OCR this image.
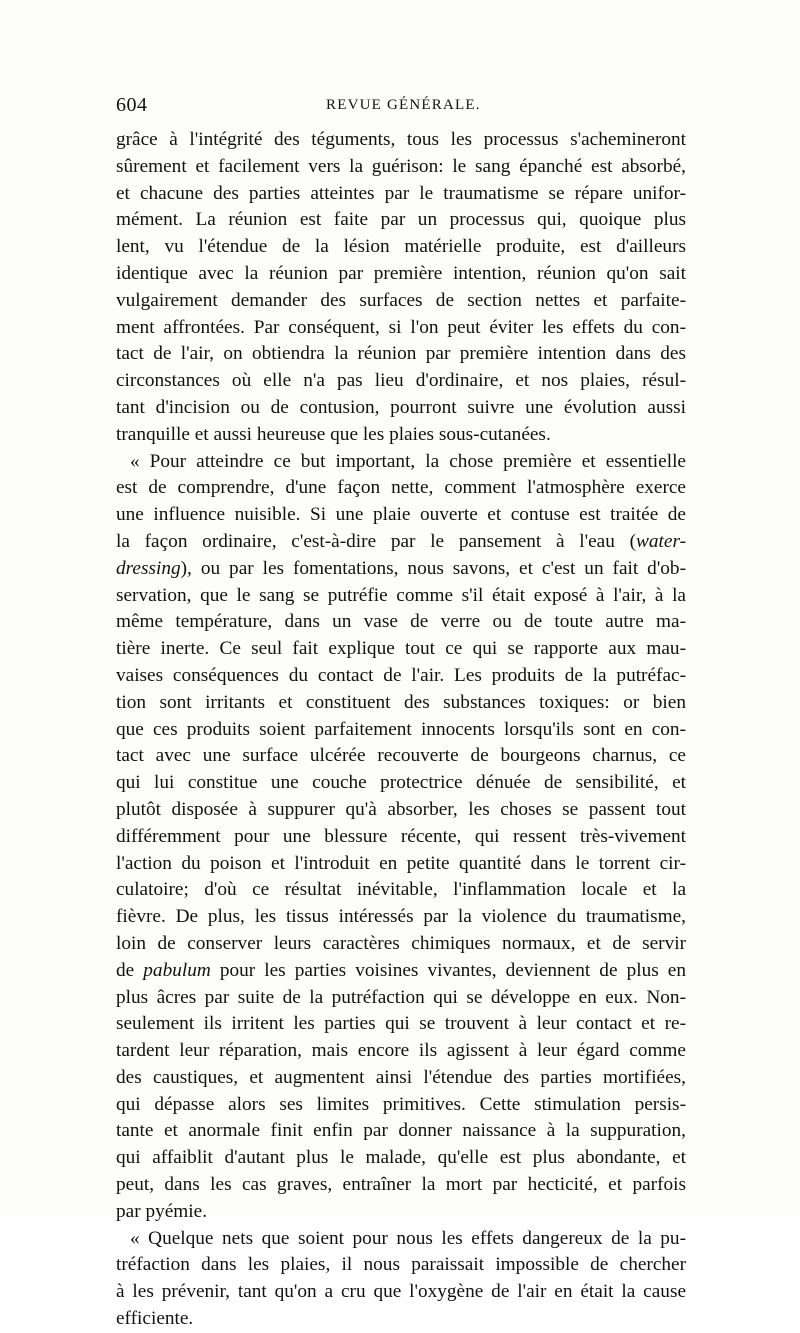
604	REVUE GÉNÉRALE.
grâce à l'intégrité des téguments, tous les processus s'achemineront
sûrement et facilement vers la guérison: le sang épanché est absorbé,
et chacune des parties atteintes par le traumatisme se répare unifor-
mément. La réunion est faite par un processus qui, quoique plus
lent, vu l'étendue de la lésion matérielle produite, est d'ailleurs
identique avec la réunion par première intention, réunion qu'on sait
vulgairement demander des surfaces de section nettes et parfaite-
ment affrontées. Par conséquent, si l'on peut éviter les effets du con-
tact de l'air, on obtiendra la réunion par première intention dans des
circonstances où elle n'a pas lieu d'ordinaire, et nos plaies, résul-
tant d'incision ou de contusion, pourront suivre une évolution aussi
tranquille et aussi heureuse que les plaies sous-cutanées.
« Pour atteindre ce but important, la chose première et essentielle
est de comprendre, d'une façon nette, comment l'atmosphère exerce
une influence nuisible. Si une plaie ouverte et contuse est traitée de
la façon ordinaire, c'est-à-dire par le pansement à l'eau (water-
dressing), ou par les fomentations, nous savons, et c'est un fait d'ob-
servation, que le sang se putréfie comme s'il était exposé à l'air, à la
même température, dans un vase de verre ou de toute autre ma-
tière inerte. Ce seul fait explique tout ce qui se rapporte aux mau-
vaises conséquences du contact de l'air. Les produits de la putréfac-
tion sont irritants et constituent des substances toxiques: or bien
que ces produits soient parfaitement innocents lorsqu'ils sont en con-
tact avec une surface ulcérée recouverte de bourgeons charnus, ce
qui lui constitue une couche protectrice dénuée de sensibilité, et
plutôt disposée à suppurer qu'à absorber, les choses se passent tout
différemment pour une blessure récente, qui ressent très-vivement
l'action du poison et l'introduit en petite quantité dans le torrent cir-
culatoire; d'où ce résultat inévitable, l'inflammation locale et la
fièvre. De plus, les tissus intéressés par la violence du traumatisme,
loin de conserver leurs caractères chimiques normaux, et de servir
de pabulum pour les parties voisines vivantes, deviennent de plus en
plus âcres par suite de la putréfaction qui se développe en eux. Non-
seulement ils irritent les parties qui se trouvent à leur contact et re-
tardent leur réparation, mais encore ils agissent à leur égard comme
des caustiques, et augmentent ainsi l'étendue des parties mortifiées,
qui dépasse alors ses limites primitives. Cette stimulation persis-
tante et anormale finit enfin par donner naissance à la suppuration,
qui affaiblit d'autant plus le malade, qu'elle est plus abondante, et
peut, dans les cas graves, entraîner la mort par hecticité, et parfois
par pyémie.
« Quelque nets que soient pour nous les effets dangereux de la pu-
tréfaction dans les plaies, il nous paraissait impossible de chercher
à les prévenir, tant qu'on a cru que l'oxygène de l'air en était la cause
efficiente.
